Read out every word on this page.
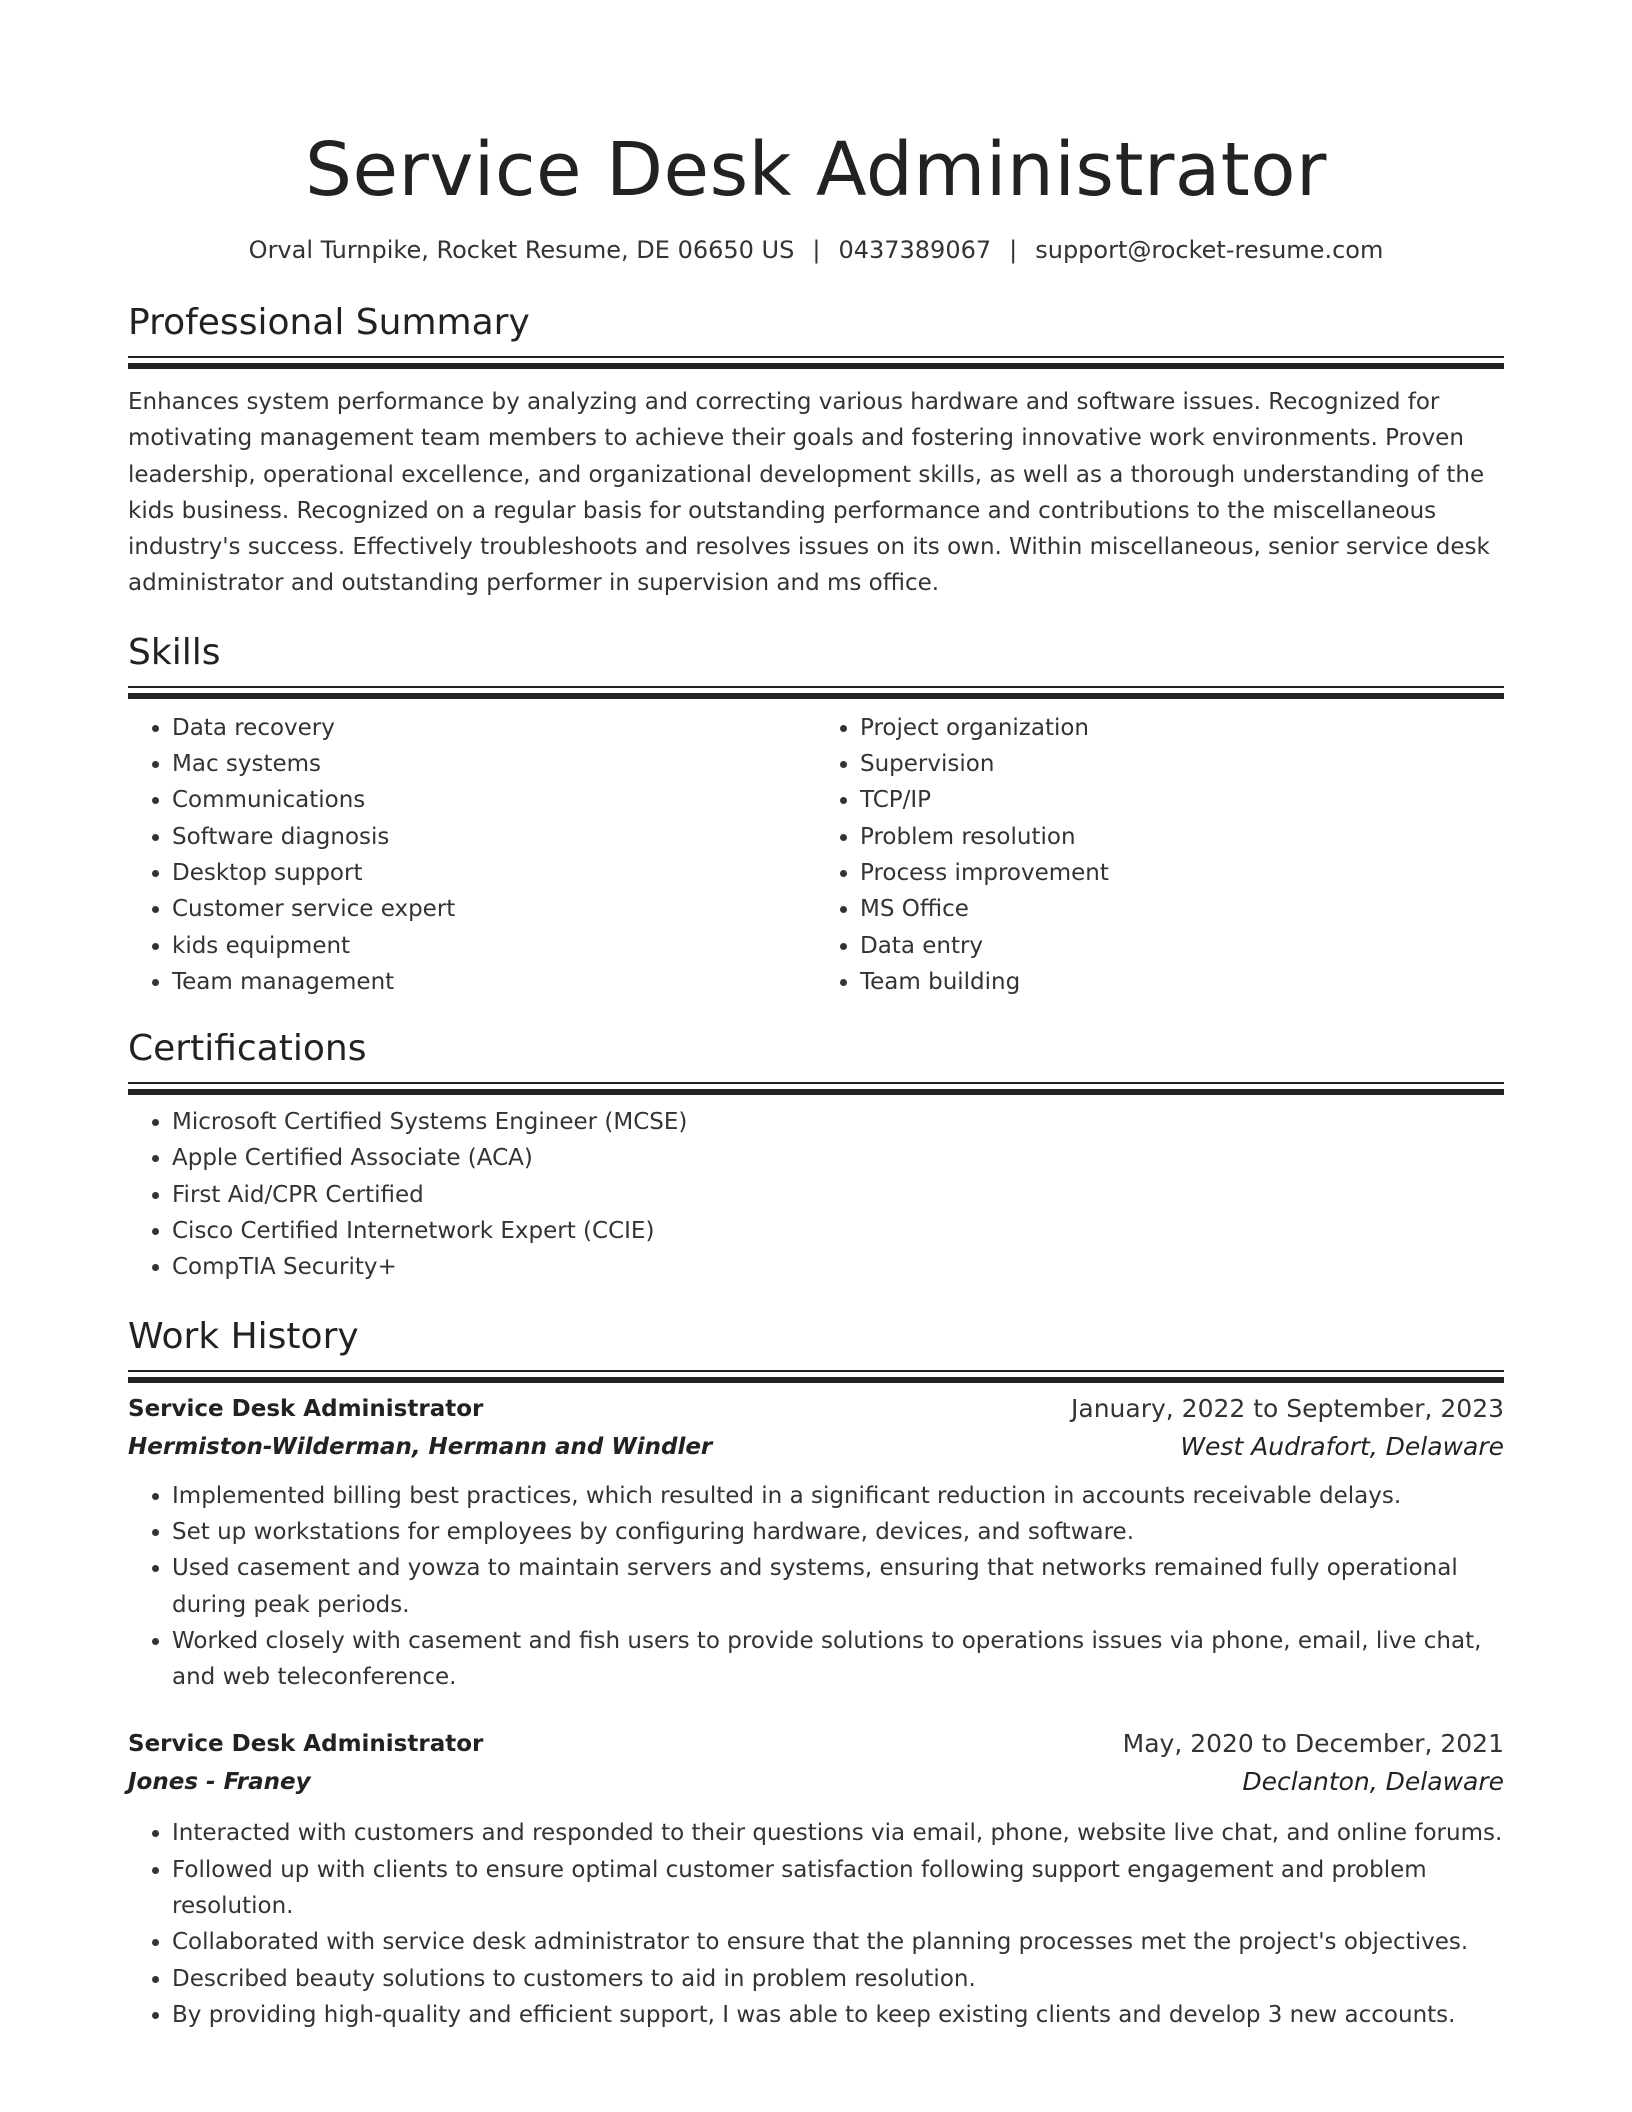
Service Desk Administrator
Orval Turnpike, Rocket Resume, DE 06650 US | 0437389067 | support@rocket-resume.com
Professional Summary
Enhances system performance by analyzing and correcting various hardware and software issues. Recognized for motivating management team members to achieve their goals and fostering innovative work environments. Proven leadership, operational excellence, and organizational development skills, as well as a thorough understanding of the kids business. Recognized on a regular basis for outstanding performance and contributions to the miscellaneous industry's success. Effectively troubleshoots and resolves issues on its own. Within miscellaneous, senior service desk administrator and outstanding performer in supervision and ms office.
Skills
• Data recovery
• Mac systems
• Communications
• Software diagnosis
• Desktop support
• Customer service expert
• kids equipment
• Team management
• Project organization
• Supervision
• TCP/IP
• Problem resolution
• Process improvement
• MS Office
• Data entry
• Team building
Certifications
• Microsoft Certified Systems Engineer (MCSE)
• Apple Certified Associate (ACA)
• First Aid/CPR Certified
• Cisco Certified Internetwork Expert (CCIE)
• CompTIA Security+
Work History
Service Desk Administrator	January, 2022 to September, 2023
Hermiston-Wilderman, Hermann and Windler	West Audrafort, Delaware
• Implemented billing best practices, which resulted in a significant reduction in accounts receivable delays.
• Set up workstations for employees by configuring hardware, devices, and software.
• Used casement and yowza to maintain servers and systems, ensuring that networks remained fully operational during peak periods.
• Worked closely with casement and fish users to provide solutions to operations issues via phone, email, live chat, and web teleconference.
Service Desk Administrator	May, 2020 to December, 2021
Jones - Franey	Declanton, Delaware
• Interacted with customers and responded to their questions via email, phone, website live chat, and online forums.
• Followed up with clients to ensure optimal customer satisfaction following support engagement and problem resolution.
• Collaborated with service desk administrator to ensure that the planning processes met the project's objectives.
• Described beauty solutions to customers to aid in problem resolution.
• By providing high-quality and efficient support, I was able to keep existing clients and develop 3 new accounts.
